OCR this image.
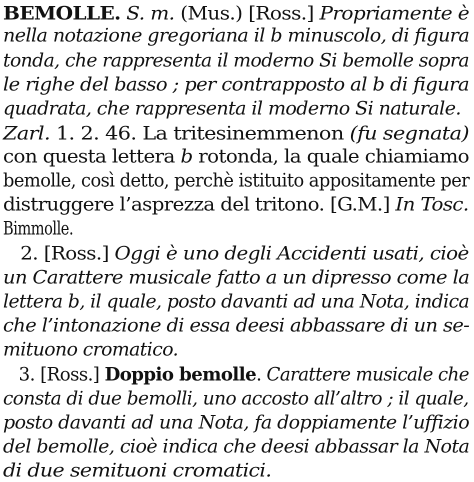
BEMOLLE. S. m. (Mus.) [Ross.] Propriamente è
nella notazione gregoriana il b minuscolo, di figura
tonda, che rappresenta il moderno Si bemolle sopra
le righe del basso ; per contrapposto al b di figura
quadrata, che rappresenta il moderno Si naturale.
Zarl. 1. 2. 46. La tritesinemmenon (fu segnata)
con questa lettera b rotonda, la quale chiamiamo
bemolle, così detto, perchè istituito appositamente per
distruggere l’asprezza del tritono. [G.M.] In Tosc.
Bimmolle.
2. [Ross.] Oggi è uno degli Accidenti usati, cioè
un Carattere musicale fatto a un dipresso come la
lettera b, il quale, posto davanti ad una Nota, indica
che l’intonazione di essa deesi abbassare di un se-
mituono cromatico.
3. [Ross.] Doppio bemolle. Carattere musicale che
consta di due bemolli, uno accosto all’altro ; il quale,
posto davanti ad una Nota, fa doppiamente l’uffizio
del bemolle, cioè indica che deesi abbassar la Nota
di due semituoni cromatici.
